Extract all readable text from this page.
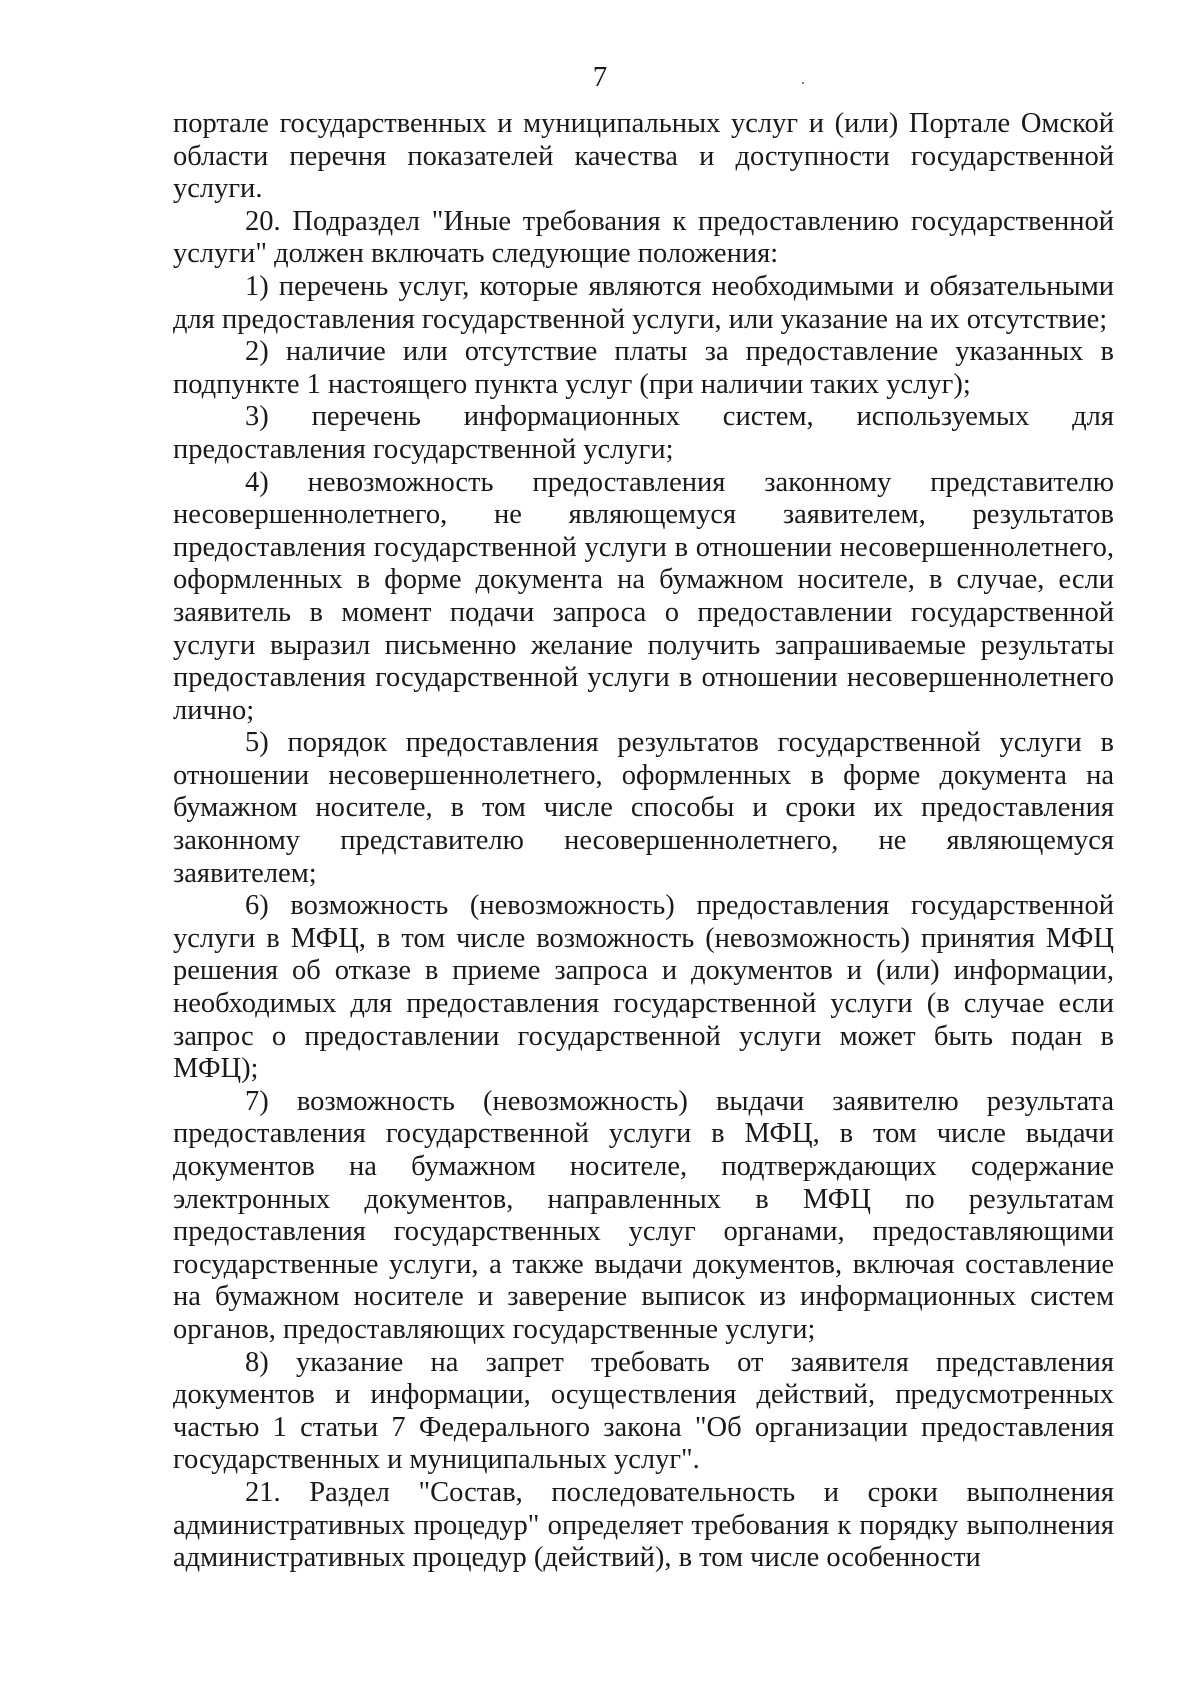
7

порталe государственных и муниципальных услуг и (или) Портале Омской области перечня показателей качества и доступности государственной услуги.

20. Подраздел "Иные требования к предоставлению государственной услуги" должен включать следующие положения:

1) перечень услуг, которые являются необходимыми и обязательными для предоставления государственной услуги, или указание на их отсутствие;

2) наличие или отсутствие платы за предоставление указанных в подпункте 1 настоящего пункта услуг (при наличии таких услуг);

3) перечень информационных систем, используемых для предоставления государственной услуги;

4) невозможность предоставления законному представителю несовершеннолетнего, не являющемуся заявителем, результатов предоставления государственной услуги в отношении несовершеннолетнего, оформленных в форме документа на бумажном носителе, в случае, если заявитель в момент подачи запроса о предоставлении государственной услуги выразил письменно желание получить запрашиваемые результаты предоставления государственной услуги в отношении несовершеннолетнего лично;

5) порядок предоставления результатов государственной услуги в отношении несовершеннолетнего, оформленных в форме документа на бумажном носителе, в том числе способы и сроки их предоставления законному представителю несовершеннолетнего, не являющемуся заявителем;

6) возможность (невозможность) предоставления государственной услуги в МФЦ, в том числе возможность (невозможность) принятия МФЦ решения об отказе в приеме запроса и документов и (или) информации, необходимых для предоставления государственной услуги (в случае если запрос о предоставлении государственной услуги может быть подан в МФЦ);

7) возможность (невозможность) выдачи заявителю результата предоставления государственной услуги в МФЦ, в том числе выдачи документов на бумажном носителе, подтверждающих содержание электронных документов, направленных в МФЦ по результатам предоставления государственных услуг органами, предоставляющими государственные услуги, а также выдачи документов, включая составление на бумажном носителе и заверение выписок из информационных систем органов, предоставляющих государственные услуги;

8) указание на запрет требовать от заявителя представления документов и информации, осуществления действий, предусмотренных частью 1 статьи 7 Федерального закона "Об организации предоставления государственных и муниципальных услуг".

21. Раздел "Состав, последовательность и сроки выполнения административных процедур" определяет требования к порядку выполнения административных процедур (действий), в том числе особенности
